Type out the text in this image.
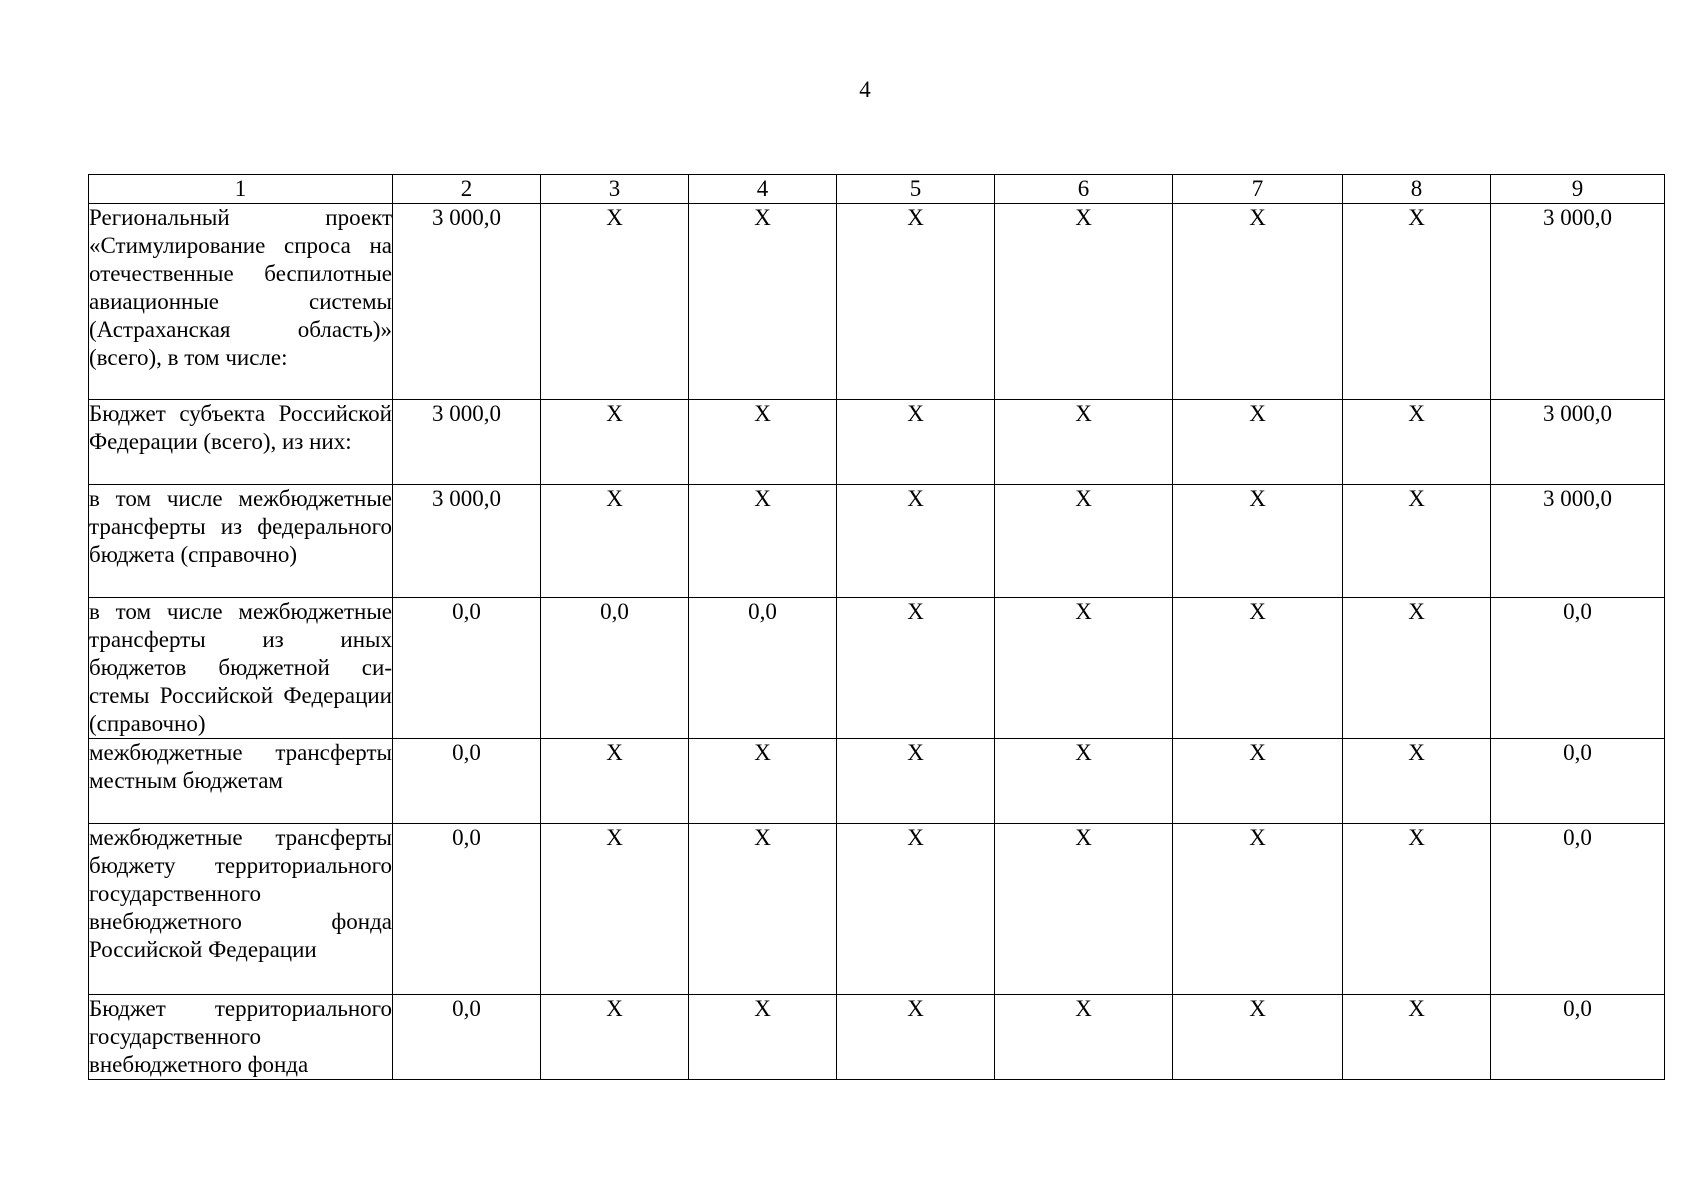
4
1	2	3	4	5	6	7	8	9
Региональный проект «Стимулирование спроса на отечественные беспилотные авиационные системы (Астраханская область)» (всего), в том числе:	3 000,0	X	X	X	X	X	X	3 000,0
Бюджет субъекта Российской Федерации (всего), из них:	3 000,0	X	X	X	X	X	X	3 000,0
в том числе межбюджетные трансферты из федерального бюджета (справочно)	3 000,0	X	X	X	X	X	X	3 000,0
в том числе межбюджетные трансферты из иных бюджетов бюджетной системы Российской Федерации (справочно)	0,0	0,0	0,0	X	X	X	X	0,0
межбюджетные трансферты местным бюджетам	0,0	X	X	X	X	X	X	0,0
межбюджетные трансферты бюджету территориального государственного внебюджетного фонда Российской Федерации	0,0	X	X	X	X	X	X	0,0
Бюджет территориального государственного внебюджетного фонда	0,0	X	X	X	X	X	X	0,0
